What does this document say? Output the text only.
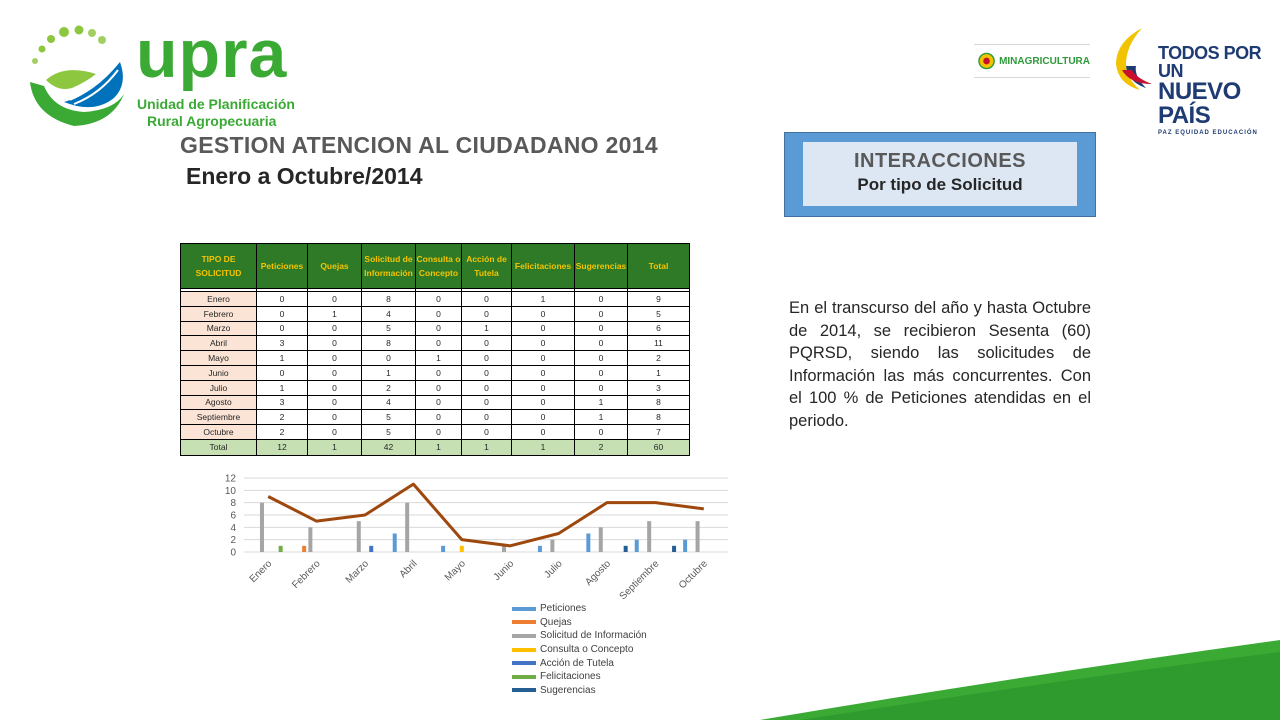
upra
Unidad de Planificación
Rural Agropecuaria
MINAGRICULTURA	TODOS POR UN
NUEVO PAÍS
PAZ EQUIDAD EDUCACIÓN
GESTION ATENCION AL CIUDADANO 2014
Enero a Octubre/2014
INTERACCIONES
Por tipo de Solicitud
En el transcurso del año y hasta Octubre de 2014, se recibieron Sesenta (60) PQRSD, siendo las solicitudes de Información las más concurrentes. Con el 100 % de Peticiones atendidas en el periodo.
TIPO DE SOLICITUD	Peticiones	Quejas	Solicitud de Información	Consulta o Concepto	Acción de Tutela	Felicitaciones	Sugerencias	Total

Enero	0	0	8	0	0	1	0	9
Febrero	0	1	4	0	0	0	0	5
Marzo	0	0	5	0	1	0	0	6
Abril	3	0	8	0	0	0	0	11
Mayo	1	0	0	1	0	0	0	2
Junio	0	0	1	0	0	0	0	1
Julio	1	0	2	0	0	0	0	3
Agosto	3	0	4	0	0	0	1	8
Septiembre	2	0	5	0	0	0	1	8
Octubre	2	0	5	0	0	0	0	7
Total	12	1	42	1	1	1	2	60
0
2
4
6
8
10
12
Enero Febrero Marzo	Abril Mayo Junio	Julio Agosto Septiembre Octubre
Peticiones
Quejas
Solicitud de Información
Consulta o Concepto
Acción de Tutela
Felicitaciones
Sugerencias
